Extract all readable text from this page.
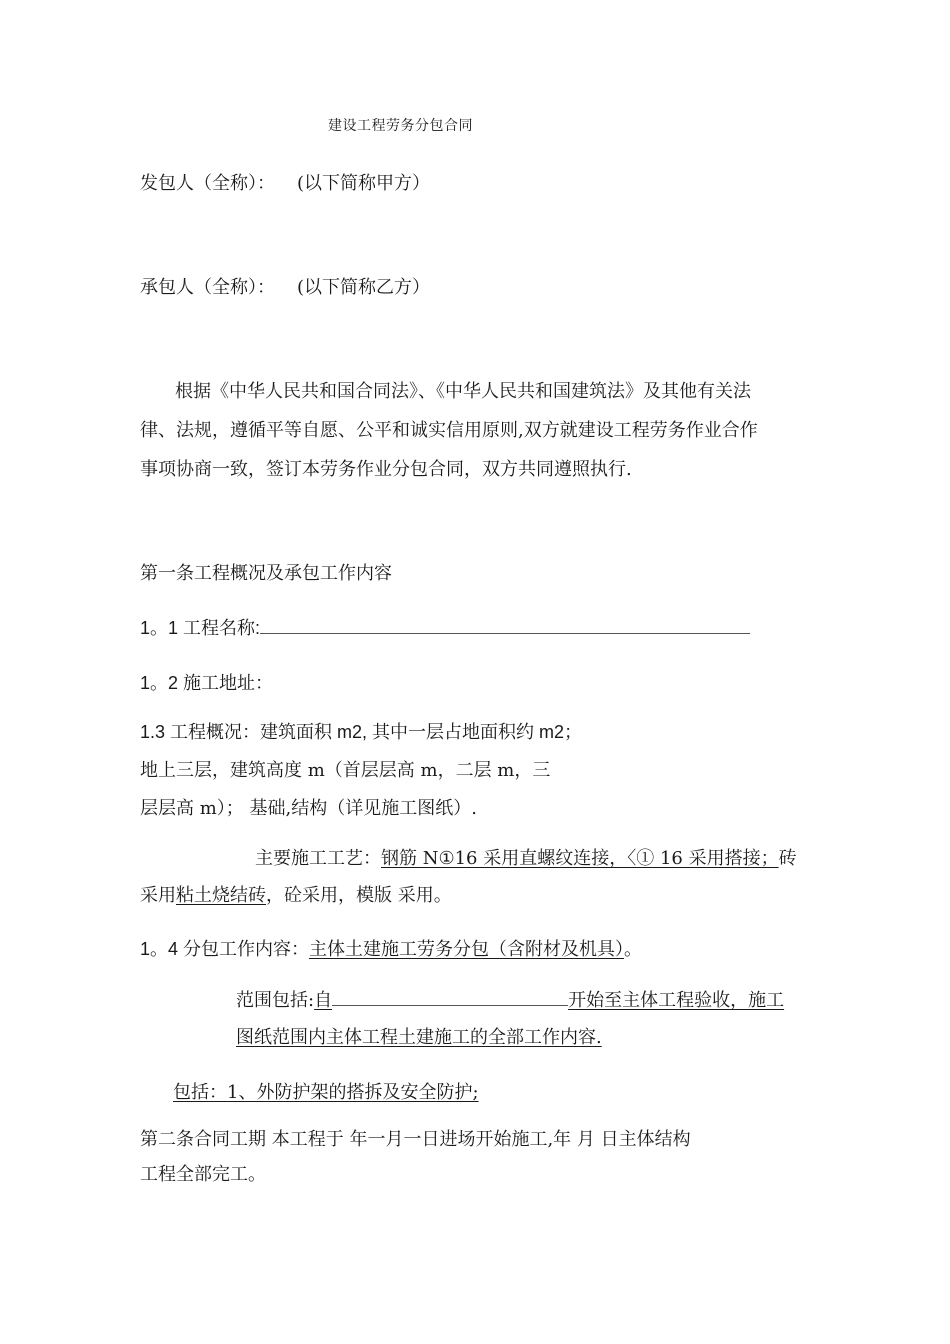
建设工程劳务分包合同
发包人（全称）： (以下简称甲方）
承包人（全称）： (以下简称乙方）
根据《中华人民共和国合同法》、《中华人民共和国建筑法》及其他有关法
律、法规，遵循平等自愿、公平和诚实信用原则,双方就建设工程劳务作业合作
事项协商一致，签订本劳务作业分包合同，双方共同遵照执行.
第一条工程概况及承包工作内容
1。1 工程名称:
1。2 施工地址：
1.3 工程概况：建筑面积 m2, 其中一层占地面积约 m2；
地上三层，建筑高度 m（首层层高 m，二层 m，三
层层高 m）； 基础,结构（详见施工图纸）.
主要施工工艺：钢筋 N①16 采用直螺纹连接，〈① 16 采用搭接；砖
采用粘土烧结砖，砼采用，模版 采用。
1。4 分包工作内容：主体土建施工劳务分包（含附材及机具）。
范围包括:自	开始至主体工程验收，施工
图纸范围内主体工程土建施工的全部工作内容.
包括：1、外防护架的搭拆及安全防护;
第二条合同工期 本工程于 年一月一日进场开始施工,年 月 日主体结构
工程全部完工。
